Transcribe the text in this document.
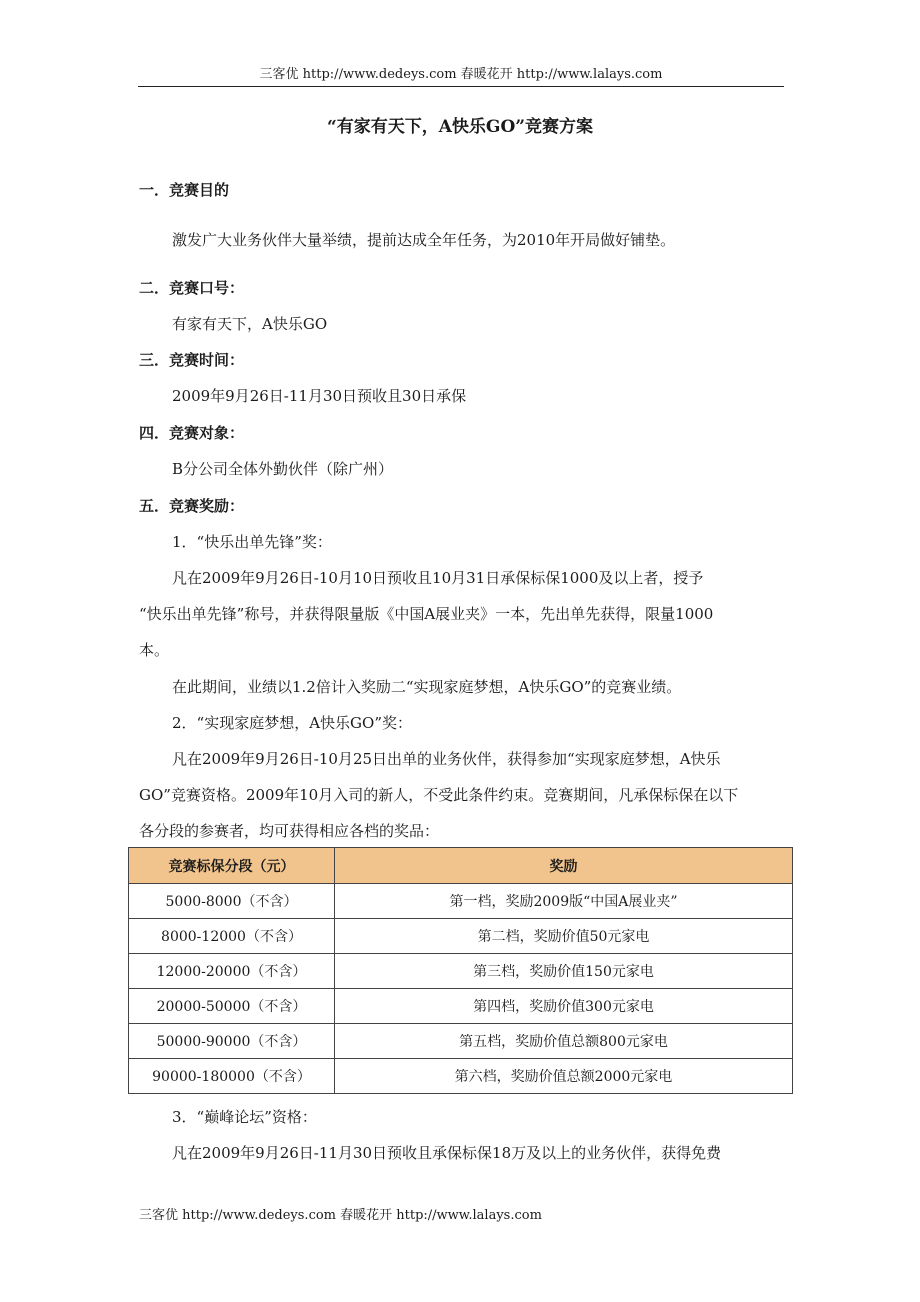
三客优 http://www.dedeys.com 春暖花开 http://www.lalays.com
“有家有天下，A快乐GO”竞赛方案
一．竞赛目的
激发广大业务伙伴大量举绩，提前达成全年任务，为2010年开局做好铺垫。
二．竞赛口号：
有家有天下，A快乐GO
三．竞赛时间：
2009年9月26日-11月30日预收且30日承保
四．竞赛对象：
B分公司全体外勤伙伴（除广州）
五．竞赛奖励：
1．“快乐出单先锋”奖：
凡在2009年9月26日-10月10日预收且10月31日承保标保1000及以上者，授予
“快乐出单先锋”称号，并获得限量版《中国A展业夹》一本，先出单先获得，限量1000
本。
在此期间，业绩以1.2倍计入奖励二“实现家庭梦想，A快乐GO”的竞赛业绩。
2．“实现家庭梦想，A快乐GO”奖：
凡在2009年9月26日-10月25日出单的业务伙伴，获得参加“实现家庭梦想，A快乐
GO”竞赛资格。2009年10月入司的新人，不受此条件约束。竞赛期间，凡承保标保在以下
各分段的参赛者，均可获得相应各档的奖品：
竞赛标保分段（元）	奖励
5000-8000（不含）	第一档，奖励2009版“中国A展业夹”
8000-12000（不含）	第二档，奖励价值50元家电
12000-20000（不含）	第三档，奖励价值150元家电
20000-50000（不含）	第四档，奖励价值300元家电
50000-90000（不含）	第五档，奖励价值总额800元家电
90000-180000（不含）	第六档，奖励价值总额2000元家电
3．“巅峰论坛”资格：
凡在2009年9月26日-11月30日预收且承保标保18万及以上的业务伙伴，获得免费
三客优 http://www.dedeys.com 春暖花开 http://www.lalays.com
